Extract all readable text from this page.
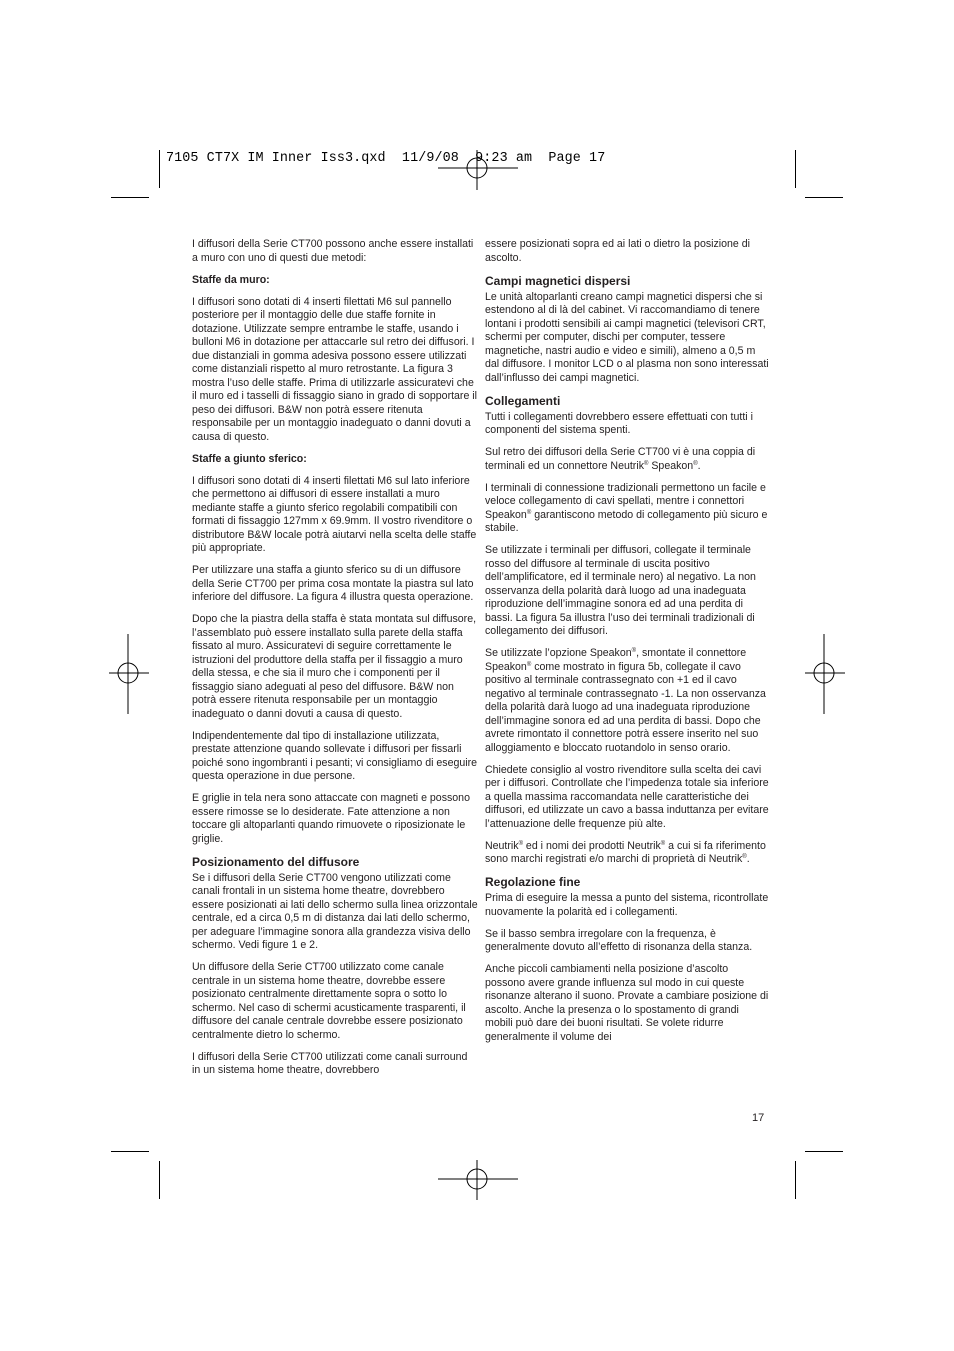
7105 CT7X IM Inner Iss3.qxd  11/9/08  9:23 am  Page 17

I diffusori della Serie CT700 possono anche essere installati a muro con uno di questi due metodi:

Staffe da muro:

I diffusori sono dotati di 4 inserti filettati M6 sul pannello posteriore per il montaggio delle due staffe fornite in dotazione. Utilizzate sempre entrambe le staffe, usando i bulloni M6 in dotazione per attaccarle sul retro dei diffusori. I due distanziali in gomma adesiva possono essere utilizzati come distanziali rispetto al muro retrostante. La figura 3 mostra l’uso delle staffe. Prima di utilizzarle assicuratevi che il muro ed i tasselli di fissaggio siano in grado di sopportare il peso dei diffusori. B&W non potrà essere ritenuta responsabile per un montaggio inadeguato o danni dovuti a causa di questo.

Staffe a giunto sferico:

I diffusori sono dotati di 4 inserti filettati M6 sul lato inferiore che permettono ai diffusori di essere installati a muro mediante staffe a giunto sferico regolabili compatibili con formati di fissaggio 127mm x 69.9mm. Il vostro rivenditore o distributore B&W locale potrà aiutarvi nella scelta delle staffe più appropriate.

Per utilizzare una staffa a giunto sferico su di un diffusore della Serie CT700 per prima cosa montate la piastra sul lato inferiore del diffusore. La figura 4 illustra questa operazione.

Dopo che la piastra della staffa è stata montata sul diffusore, l’assemblato può essere installato sulla parete della staffa fissato al muro. Assicuratevi di seguire correttamente le istruzioni del produttore della staffa per il fissaggio a muro della stessa, e che sia il muro che i componenti per il fissaggio siano adeguati al peso del diffusore. B&W non potrà essere ritenuta responsabile per un montaggio inadeguato o danni dovuti a causa di questo.

Indipendentemente dal tipo di installazione utilizzata, prestate attenzione quando sollevate i diffusori per fissarli poiché sono ingombranti i pesanti; vi consigliamo di eseguire questa operazione in due persone.

E griglie in tela nera sono attaccate con magneti e possono essere rimosse se lo desiderate. Fate attenzione a non toccare gli altoparlanti quando rimuovete o riposizionate le griglie.

Posizionamento del diffusore

Se i diffusori della Serie CT700 vengono utilizzati come canali frontali in un sistema home theatre, dovrebbero essere posizionati ai lati dello schermo sulla linea orizzontale centrale, ed a circa 0,5 m di distanza dai lati dello schermo, per adeguare l’immagine sonora alla grandezza visiva dello schermo. Vedi figure 1 e 2.

Un diffusore della Serie CT700 utilizzato come canale centrale in un sistema home theatre, dovrebbe essere posizionato centralmente direttamente sopra o sotto lo schermo. Nel caso di schermi acusticamente trasparenti, il diffusore del canale centrale dovrebbe essere posizionato centralmente dietro lo schermo.

I diffusori della Serie CT700 utilizzati come canali surround in un sistema home theatre, dovrebbero

essere posizionati sopra ed ai lati o dietro la posizione di ascolto.

Campi magnetici dispersi

Le unità altoparlanti creano campi magnetici dispersi che si estendono al di là del cabinet. Vi raccomandiamo di tenere lontani i prodotti sensibili ai campi magnetici (televisori CRT, schermi per computer, dischi per computer, tessere magnetiche, nastri audio e video e simili), almeno a 0,5 m dal diffusore. I monitor LCD o al plasma non sono interessati dall’influsso dei campi magnetici.

Collegamenti

Tutti i collegamenti dovrebbero essere effettuati con tutti i componenti del sistema spenti.

Sul retro dei diffusori della Serie CT700 vi è una coppia di terminali ed un connettore Neutrik® Speakon®.

I terminali di connessione tradizionali permettono un facile e veloce collegamento di cavi spellati, mentre i connettori Speakon® garantiscono metodo di collegamento più sicuro e stabile.

Se utilizzate i terminali per diffusori, collegate il terminale rosso del diffusore al terminale di uscita positivo dell’amplificatore, ed il terminale nero) al negativo. La non osservanza della polarità darà luogo ad una inadeguata riproduzione dell’immagine sonora ed ad una perdita di bassi. La figura 5a illustra l’uso dei terminali tradizionali di collegamento dei diffusori.

Se utilizzate l’opzione Speakon®, smontate il connettore Speakon® come mostrato in figura 5b, collegate il cavo positivo al terminale contrassegnato con +1 ed il cavo negativo al terminale contrassegnato -1. La non osservanza della polarità darà luogo ad una inadeguata riproduzione dell’immagine sonora ed ad una perdita di bassi. Dopo che avrete rimontato il connettore potrà essere inserito nel suo alloggiamento e bloccato ruotandolo in senso orario.

Chiedete consiglio al vostro rivenditore sulla scelta dei cavi per i diffusori. Controllate che l’impedenza totale sia inferiore a quella massima raccomandata nelle caratteristiche dei diffusori, ed utilizzate un cavo a bassa induttanza per evitare l’attenuazione delle frequenze più alte.

Neutrik® ed i nomi dei prodotti Neutrik® a cui si fa riferimento sono marchi registrati e/o marchi di proprietà di Neutrik®.

Regolazione fine

Prima di eseguire la messa a punto del sistema, ricontrollate nuovamente la polarità ed i collegamenti.

Se il basso sembra irregolare con la frequenza, è generalmente dovuto all’effetto di risonanza della stanza.

Anche piccoli cambiamenti nella posizione d’ascolto possono avere grande influenza sul modo in cui queste risonanze alterano il suono. Provate a cambiare posizione di ascolto. Anche la presenza o lo spostamento di grandi mobili può dare dei buoni risultati. Se volete ridurre generalmente il volume dei

17
